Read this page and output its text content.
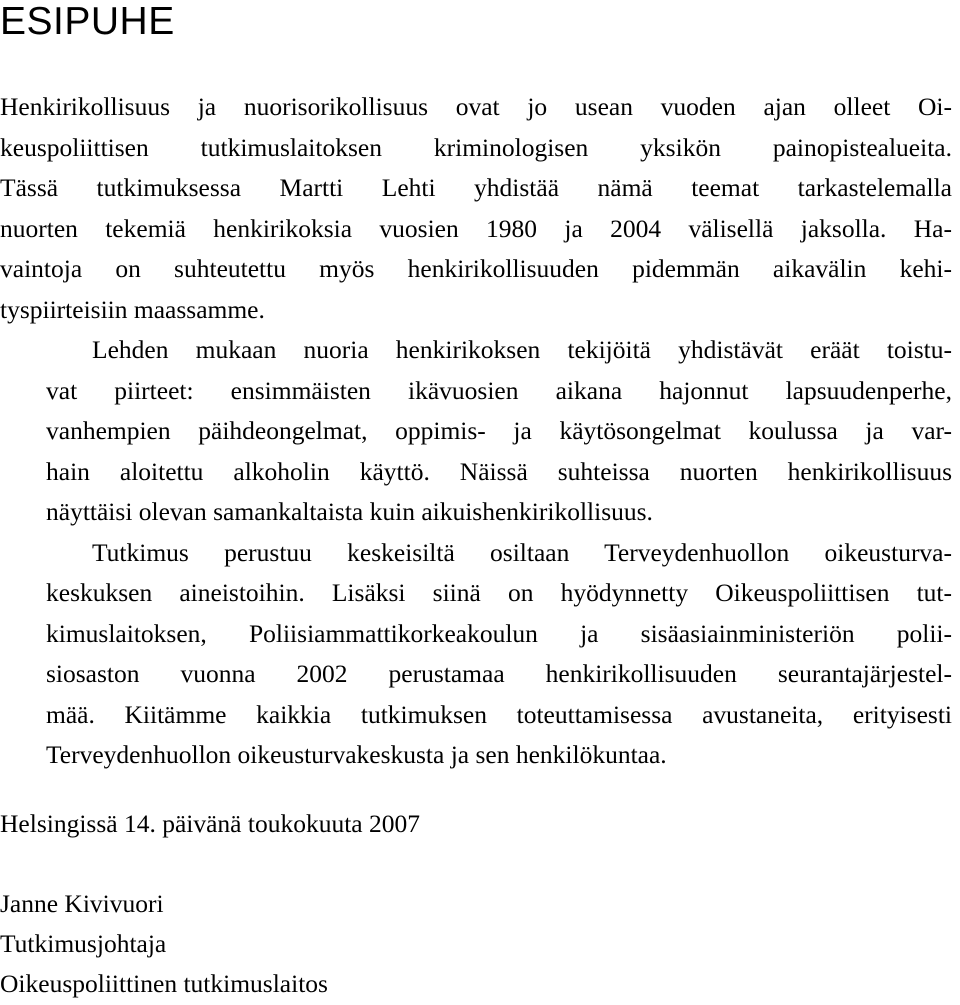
ESIPUHE

Henkirikollisuus ja nuorisorikollisuus ovat jo usean vuoden ajan olleet Oi-
keuspoliittisen tutkimuslaitoksen kriminologisen yksikön painopistealueita.
Tässä tutkimuksessa Martti Lehti yhdistää nämä teemat tarkastelemalla
nuorten tekemiä henkirikoksia vuosien 1980 ja 2004 välisellä jaksolla. Ha-
vaintoja on suhteutettu myös henkirikollisuuden pidemmän aikavälin kehi-
tyspiirteisiin maassamme.

Lehden mukaan nuoria henkirikoksen tekijöitä yhdistävät eräät toistu-
vat piirteet: ensimmäisten ikävuosien aikana hajonnut lapsuudenperhe,
vanhempien päihdeongelmat, oppimis- ja käytösongelmat koulussa ja var-
hain aloitettu alkoholin käyttö. Näissä suhteissa nuorten henkirikollisuus
näyttäisi olevan samankaltaista kuin aikuishenkirikollisuus.

Tutkimus perustuu keskeisiltä osiltaan Terveydenhuollon oikeusturva-
keskuksen aineistoihin. Lisäksi siinä on hyödynnetty Oikeuspoliittisen tut-
kimuslaitoksen, Poliisiammattikorkeakoulun ja sisäasiainministeriön polii-
siosaston vuonna 2002 perustamaa henkirikollisuuden seurantajärjestel-
mää. Kiitämme kaikkia tutkimuksen toteuttamisessa avustaneita, erityisesti
Terveydenhuollon oikeusturvakeskusta ja sen henkilökuntaa.

Helsingissä 14. päivänä toukokuuta 2007
Janne Kivivuori
Tutkimusjohtaja
Oikeuspoliittinen tutkimuslaitos
